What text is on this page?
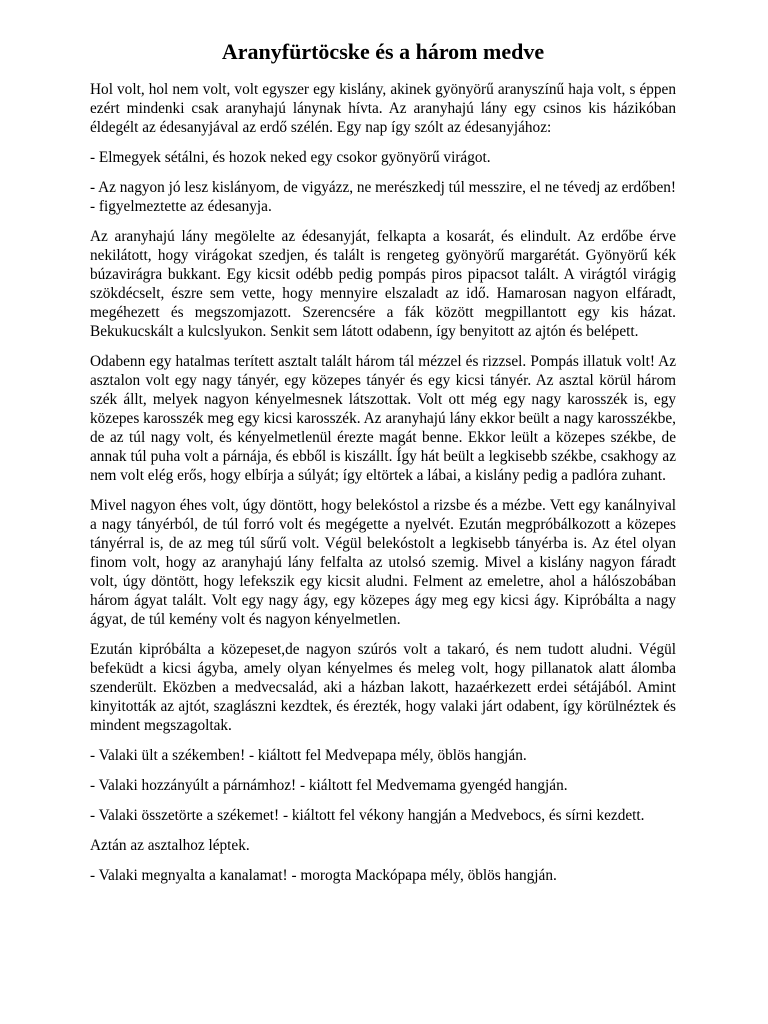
Aranyfürtöcske és a három medve

Hol volt, hol nem volt, volt egyszer egy kislány, akinek gyönyörű aranyszínű haja volt, s éppen ezért mindenki csak aranyhajú lánynak hívta. Az aranyhajú lány egy csinos kis házikóban éldegélt az édesanyjával az erdő szélén. Egy nap így szólt az édesanyjához:

- Elmegyek sétálni, és hozok neked egy csokor gyönyörű virágot.

- Az nagyon jó lesz kislányom, de vigyázz, ne merészkedj túl messzire, el ne tévedj az erdőben! - figyelmeztette az édesanyja.

Az aranyhajú lány megölelte az édesanyját, felkapta a kosarát, és elindult. Az erdőbe érve nekilátott, hogy virágokat szedjen, és talált is rengeteg gyönyörű margarétát. Gyönyörű kék búzavirágra bukkant. Egy kicsit odébb pedig pompás piros pipacsot talált. A virágtól virágig szökdécselt, észre sem vette, hogy mennyire elszaladt az idő. Hamarosan nagyon elfáradt, megéhezett és megszomjazott. Szerencsére a fák között megpillantott egy kis házat. Bekukucskált a kulcslyukon. Senkit sem látott odabenn, így benyitott az ajtón és belépett.

Odabenn egy hatalmas terített asztalt talált három tál mézzel és rizzsel. Pompás illatuk volt! Az asztalon volt egy nagy tányér, egy közepes tányér és egy kicsi tányér. Az asztal körül három szék állt, melyek nagyon kényelmesnek látszottak. Volt ott még egy nagy karosszék is, egy közepes karosszék meg egy kicsi karosszék. Az aranyhajú lány ekkor beült a nagy karosszékbe, de az túl nagy volt, és kényelmetlenül érezte magát benne. Ekkor leült a közepes székbe, de annak túl puha volt a párnája, és ebből is kiszállt. Így hát beült a legkisebb székbe, csakhogy az nem volt elég erős, hogy elbírja a súlyát; így eltörtek a lábai, a kislány pedig a padlóra zuhant.

Mivel nagyon éhes volt, úgy döntött, hogy belekóstol a rizsbe és a mézbe. Vett egy kanálnyival a nagy tányérból, de túl forró volt és megégette a nyelvét. Ezután megpróbálkozott a közepes tányérral is, de az meg túl sűrű volt. Végül belekóstolt a legkisebb tányérba is. Az étel olyan finom volt, hogy az aranyhajú lány felfalta az utolsó szemig. Mivel a kislány nagyon fáradt volt, úgy döntött, hogy lefekszik egy kicsit aludni. Felment az emeletre, ahol a hálószobában három ágyat talált. Volt egy nagy ágy, egy közepes ágy meg egy kicsi ágy. Kipróbálta a nagy ágyat, de túl kemény volt és nagyon kényelmetlen.

Ezután kipróbálta a közepeset,de nagyon szúrós volt a takaró, és nem tudott aludni. Végül befeküdt a kicsi ágyba, amely olyan kényelmes és meleg volt, hogy pillanatok alatt álomba szenderült. Eközben a medvecsalád, aki a házban lakott, hazaérkezett erdei sétájából. Amint kinyitották az ajtót, szaglászni kezdtek, és érezték, hogy valaki járt odabent, így körülnéztek és mindent megszagoltak.

- Valaki ült a székemben! - kiáltott fel Medvepapa mély, öblös hangján.

- Valaki hozzányúlt a párnámhoz! - kiáltott fel Medvemama gyengéd hangján.

- Valaki összetörte a székemet! - kiáltott fel vékony hangján a Medvebocs, és sírni kezdett.

Aztán az asztalhoz léptek.

- Valaki megnyalta a kanalamat! - morogta Mackópapa mély, öblös hangján.
